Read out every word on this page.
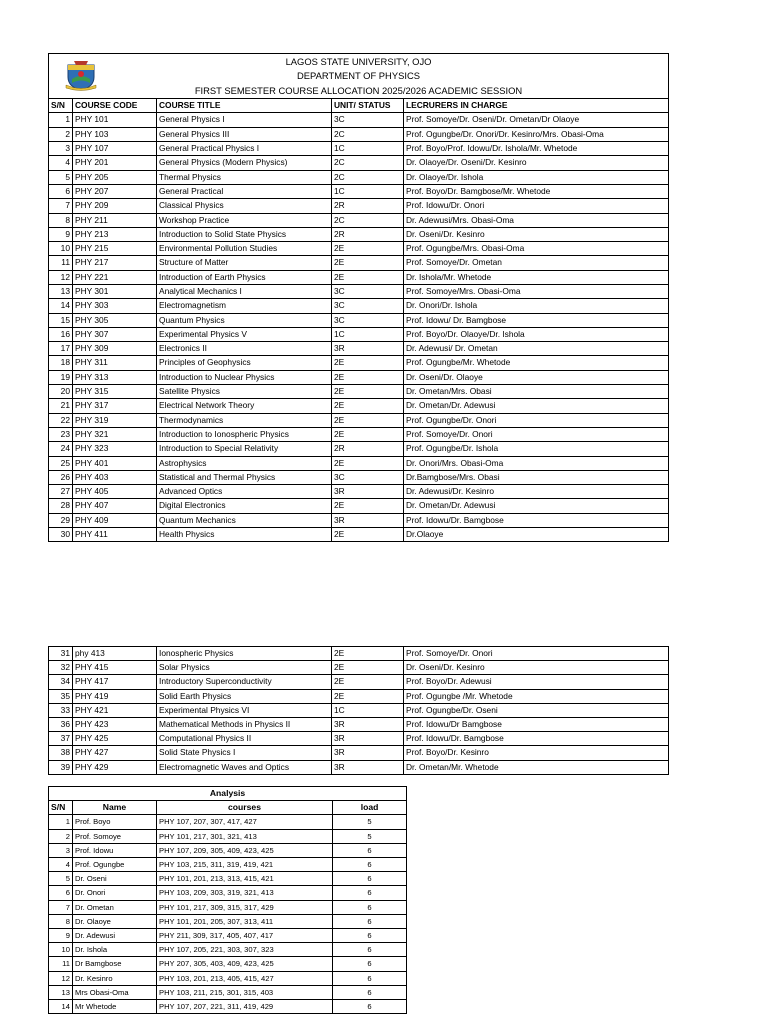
LAGOS STATE UNIVERSITY, OJO
DEPARTMENT OF PHYSICS
FIRST SEMESTER COURSE ALLOCATION 2025/2026 ACADEMIC SESSION				

S/N	COURSE CODE	COURSE TITLE	UNIT/ STATUS	LECRURERS IN CHARGE
1	PHY 101	General Physics I	3C	Prof. Somoye/Dr. Oseni/Dr. Ometan/Dr Olaoye
2	PHY 103	General Physics III	2C	Prof. Ogungbe/Dr. Onori/Dr. Kesinro/Mrs. Obasi-Oma
3	PHY 107	General Practical Physics I	1C	Prof. Boyo/Prof. Idowu/Dr. Ishola/Mr. Whetode
4	PHY 201	General Physics (Modern Physics)	2C	Dr. Olaoye/Dr. Oseni/Dr. Kesinro
5	PHY 205	Thermal Physics	2C	Dr. Olaoye/Dr. Ishola
6	PHY 207	General Practical	1C	Prof. Boyo/Dr. Bamgbose/Mr. Whetode
7	PHY 209	Classical Physics	2R	Prof. Idowu/Dr. Onori
8	PHY 211	Workshop Practice	2C	Dr. Adewusi/Mrs. Obasi-Oma
9	PHY 213	Introduction to Solid State Physics	2R	Dr. Oseni/Dr. Kesinro
10	PHY 215	Environmental Pollution Studies	2E	Prof. Ogungbe/Mrs. Obasi-Oma
11	PHY 217	Structure of Matter	2E	Prof. Somoye/Dr. Ometan
12	PHY 221	Introduction of Earth Physics	2E	Dr. Ishola/Mr. Whetode
13	PHY 301	Analytical Mechanics I	3C	Prof. Somoye/Mrs. Obasi-Oma
14	PHY 303	Electromagnetism	3C	Dr. Onori/Dr. Ishola
15	PHY 305	Quantum Physics	3C	Prof. Idowu/ Dr. Bamgbose
16	PHY 307	Experimental Physics V	1C	Prof. Boyo/Dr. Olaoye/Dr. Ishola
17	PHY 309	Electronics II	3R	Dr. Adewusi/ Dr. Ometan
18	PHY 311	Principles of Geophysics	2E	Prof. Ogungbe/Mr. Whetode
19	PHY 313	Introduction to Nuclear Physics	2E	Dr. Oseni/Dr. Olaoye
20	PHY 315	Satellite Physics	2E	Dr. Ometan/Mrs. Obasi
21	PHY 317	Electrical Network Theory	2E	Dr. Ometan/Dr. Adewusi
22	PHY 319	Thermodynamics	2E	Prof. Ogungbe/Dr. Onori
23	PHY 321	Introduction to Ionospheric Physics	2E	Prof. Somoye/Dr. Onori
24	PHY 323	Introduction to Special Relativity	2R	Prof. Ogungbe/Dr. Ishola
25	PHY 401	Astrophysics	2E	Dr. Onori/Mrs. Obasi-Oma
26	PHY 403	Statistical and Thermal Physics	3C	Dr.Bamgbose/Mrs. Obasi
27	PHY 405	Advanced Optics	3R	Dr. Adewusi/Dr. Kesinro
28	PHY 407	Digital Electronics	2E	Dr. Ometan/Dr. Adewusi
29	PHY 409	Quantum Mechanics	3R	Prof. Idowu/Dr. Bamgbose
30	PHY 411	Health Physics	2E	Dr.Olaoye
31	phy 413	Ionospheric Physics	2E	Prof. Somoye/Dr. Onori
32	PHY 415	Solar Physics	2E	Dr. Oseni/Dr. Kesinro
34	PHY 417	Introductory Superconductivity	2E	Prof. Boyo/Dr. Adewusi
35	PHY 419	Solid Earth Physics	2E	Prof. Ogungbe /Mr. Whetode
33	PHY 421	Experimental Physics VI	1C	Prof. Ogungbe/Dr. Oseni
36	PHY 423	Mathematical Methods in Physics II	3R	Prof. Idowu/Dr Bamgbose
37	PHY 425	Computational Physics II	3R	Prof. Idowu/Dr. Bamgbose
38	PHY 427	Solid State Physics I	3R	Prof. Boyo/Dr. Kesinro
39	PHY 429	Electromagnetic Waves and Optics	3R	Dr. Ometan/Mr. Whetode
Analysis			
S/N	Name	courses	load
1	Prof. Boyo	PHY 107, 207, 307, 417, 427	5
2	Prof. Somoye	PHY 101, 217, 301, 321, 413	5
3	Prof. Idowu	PHY 107, 209, 305, 409, 423, 425	6
4	Prof. Ogungbe	PHY 103, 215, 311, 319, 419, 421	6
5	Dr. Oseni	PHY 101, 201, 213, 313, 415, 421	6
6	Dr. Onori	PHY 103, 209, 303, 319, 321, 413	6
7	Dr. Ometan	PHY 101, 217, 309, 315, 317, 429	6
8	Dr. Olaoye	PHY 101, 201, 205, 307, 313, 411	6
9	Dr. Adewusi	PHY 211, 309, 317, 405, 407, 417	6
10	Dr. Ishola	PHY 107, 205, 221, 303, 307, 323	6
11	Dr Bamgbose	PHY 207, 305, 403, 409, 423, 425	6
12	Dr. Kesinro	PHY 103, 201, 213, 405, 415, 427	6
13	Mrs Obasi-Oma	PHY 103, 211, 215, 301, 315, 403	6
14	Mr Whetode	PHY 107, 207, 221, 311, 419, 429	6
